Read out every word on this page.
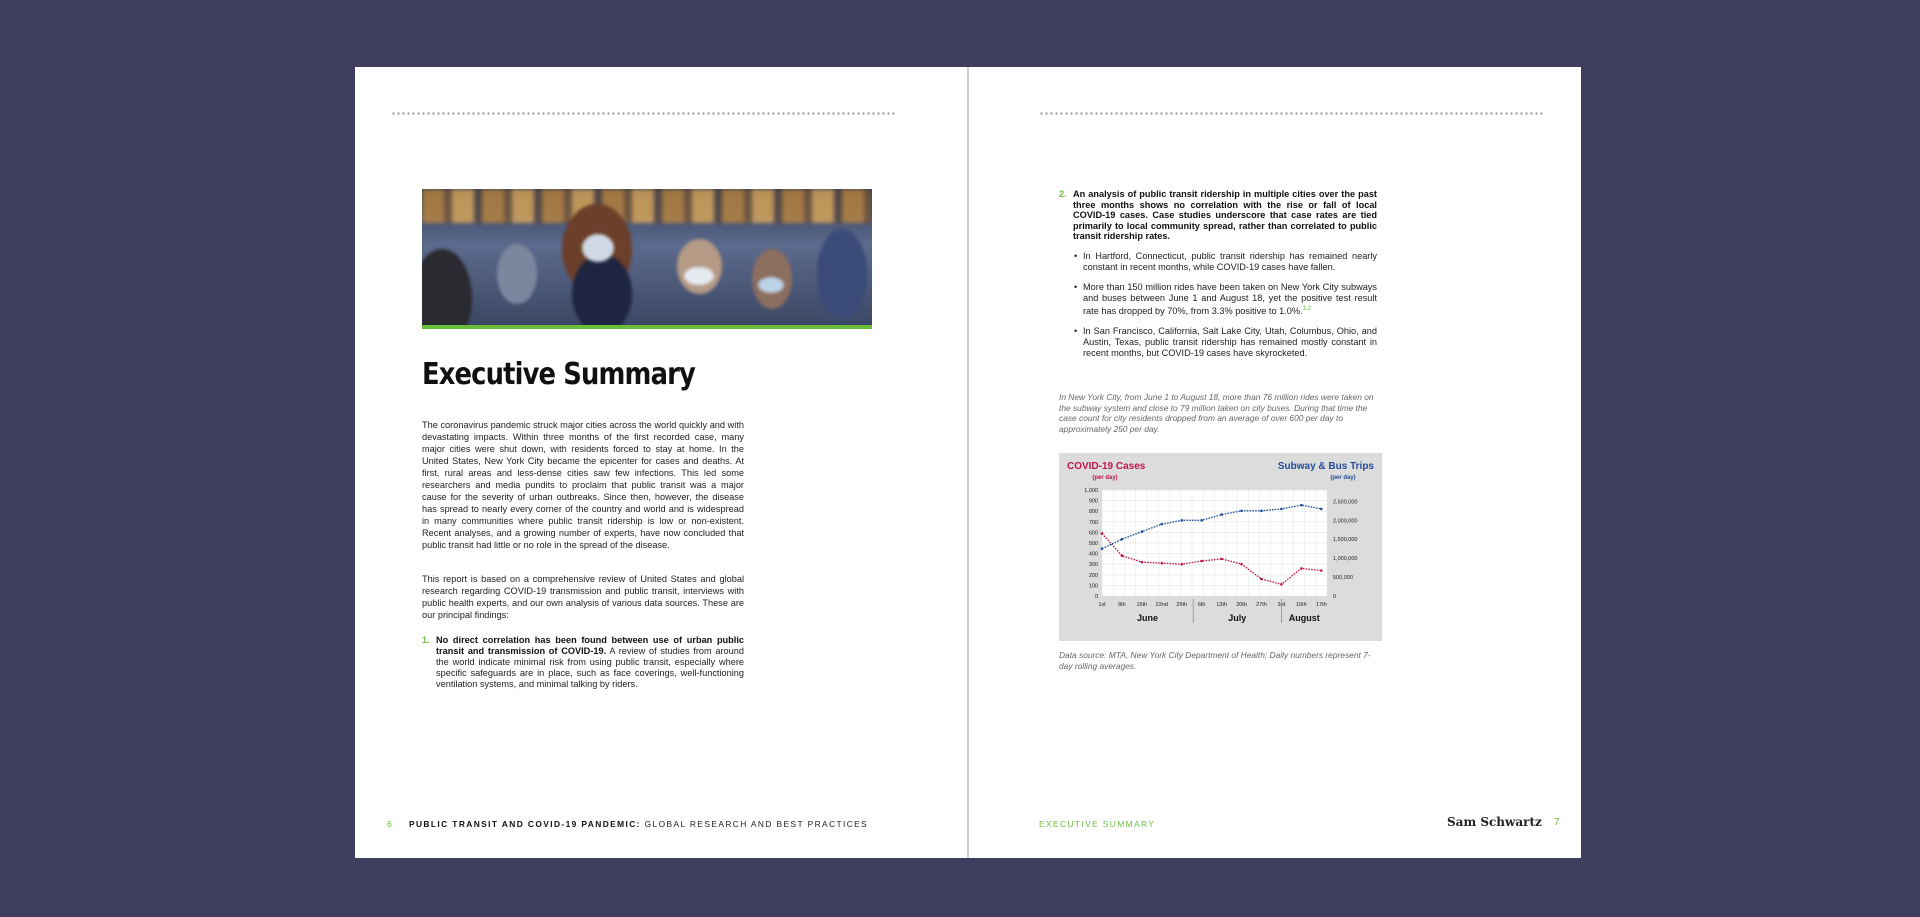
Executive Summary
The coronavirus pandemic struck major cities across the world quickly and with devastating impacts. Within three months of the first recorded case, many major cities were shut down, with residents forced to stay at home. In the United States, New York City became the epicenter for cases and deaths. At first, rural areas and less-dense cities saw few infections. This led some researchers and media pundits to proclaim that public transit was a major cause for the severity of urban outbreaks. Since then, however, the disease has spread to nearly every corner of the country and world and is widespread in many communities where public transit ridership is low or non-existent. Recent analyses, and a growing number of experts, have now concluded that public transit had little or no role in the spread of the disease.
This report is based on a comprehensive review of United States and global research regarding COVID-19 transmission and public transit, interviews with public health experts, and our own analysis of various data sources. These are our principal findings:
1. No direct correlation has been found between use of urban public transit and transmission of COVID-19. A review of studies from around the world indicate minimal risk from using public transit, especially where specific safeguards are in place, such as face coverings, well-functioning ventilation systems, and minimal talking by riders.
6 PUBLIC TRANSIT AND COVID-19 PANDEMIC: GLOBAL RESEARCH AND BEST PRACTICES
2. An analysis of public transit ridership in multiple cities over the past three months shows no correlation with the rise or fall of local COVID-19 cases. Case studies underscore that case rates are tied primarily to local community spread, rather than correlated to public transit ridership rates.
• In Hartford, Connecticut, public transit ridership has remained nearly constant in recent months, while COVID-19 cases have fallen.
• More than 150 million rides have been taken on New York City subways and buses between June 1 and August 18, yet the positive test result rate has dropped by 70%, from 3.3% positive to 1.0%.$^{1,2}$
• In San Francisco, California, Salt Lake City, Utah, Columbus, Ohio, and Austin, Texas, public transit ridership has remained mostly constant in recent months, but COVID-19 cases have skyrocketed.
In New York City, from June 1 to August 18, more than 76 million rides were taken on the subway system and close to 79 million taken on city buses. During that time the case count for city residents dropped from an average of over 600 per day to approximately 250 per day.
COVID-19 Cases
(per day)
Subway & Bus Trips
(per day)
1,000
900
800
700
600
500
400
300
200
100
0
2,500,000
2,000,000
1,500,000
1,000,000
500,000
0
1st 8th 15th 22nd 29th 6th 13th 20th 27th 3rd 10th 17th
June	July	August
Data source: MTA, New York City Department of Health; Daily numbers represent 7-day rolling averages.
EXECUTIVE SUMMARY	Sam Schwartz 7
